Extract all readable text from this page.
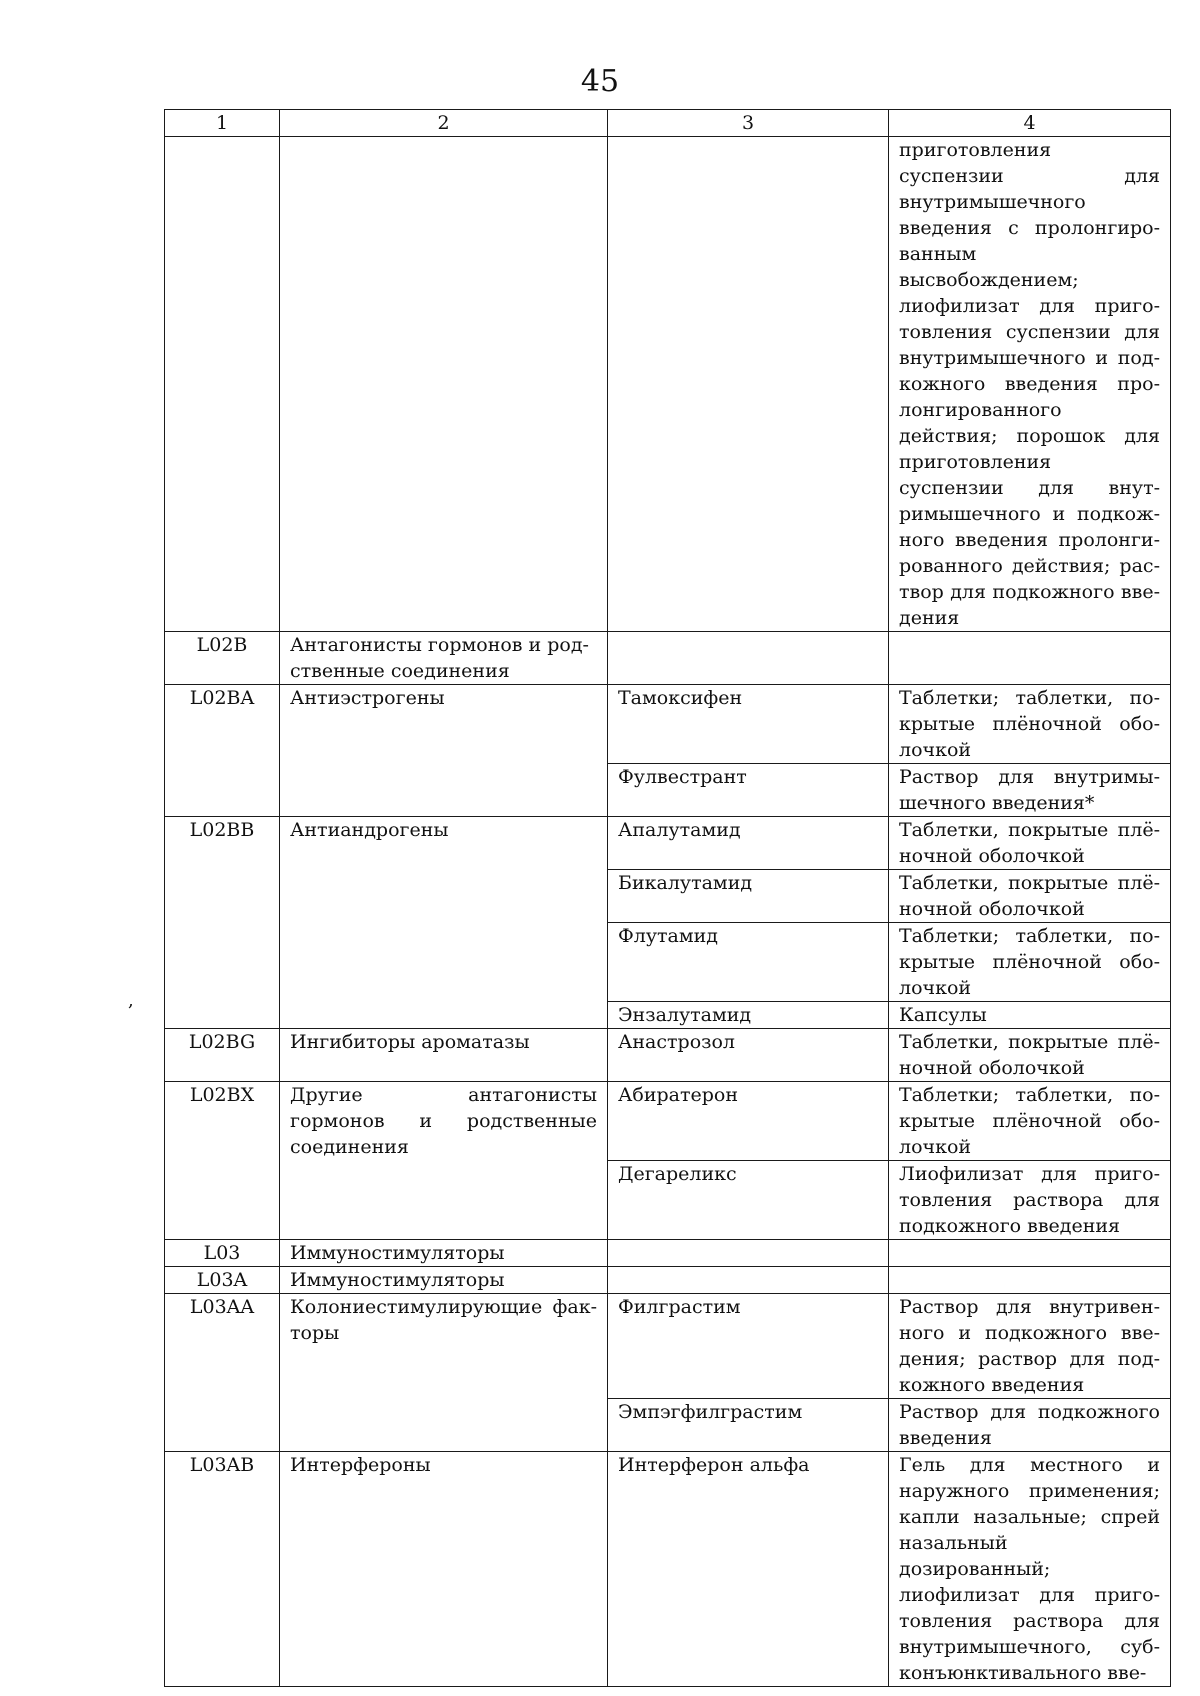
45
,
1	2	3	4
			приготовления суспензии для внутримышечного введения с пролонгированным высвобождением; лиофилизат для приготовления суспензии для внутримышечного и подкожного введения пролонгированного действия; порошок для приготовления суспензии для внутримышечного и подкожного введения пролонгированного действия; раствор для подкожного введения
L02B	Антагонисты гормонов и родственные соединения		
L02BA	Антиэстрогены	Тамоксифен	Таблетки; таблетки, покрытые плёночной оболочкой
		Фулвестрант	Раствор для внутримышечного введения*
L02BB	Антиандрогены	Апалутамид	Таблетки, покрытые плёночной оболочкой
		Бикалутамид	Таблетки, покрытые плёночной оболочкой
		Флутамид	Таблетки; таблетки, покрытые плёночной оболочкой
		Энзалутамид	Капсулы
L02BG	Ингибиторы ароматазы	Анастрозол	Таблетки, покрытые плёночной оболочкой
L02BX	Другие антагонисты гормонов и родственные соединения	Абиратерон	Таблетки; таблетки, покрытые плёночной оболочкой
		Дегареликс	Лиофилизат для приготовления раствора для подкожного введения
L03	Иммуностимуляторы		
L03A	Иммуностимуляторы		
L03AA	Колониестимулирующие факторы	Филграстим	Раствор для внутривенного и подкожного введения; раствор для подкожного введения
		Эмпэгфилграстим	Раствор для подкожного введения
L03AB	Интерфероны	Интерферон альфа	Гель для местного и наружного применения; капли назальные; спрей назальный дозированный; лиофилизат для приготовления раствора для внутримышечного, субконъюнктивального вве-
